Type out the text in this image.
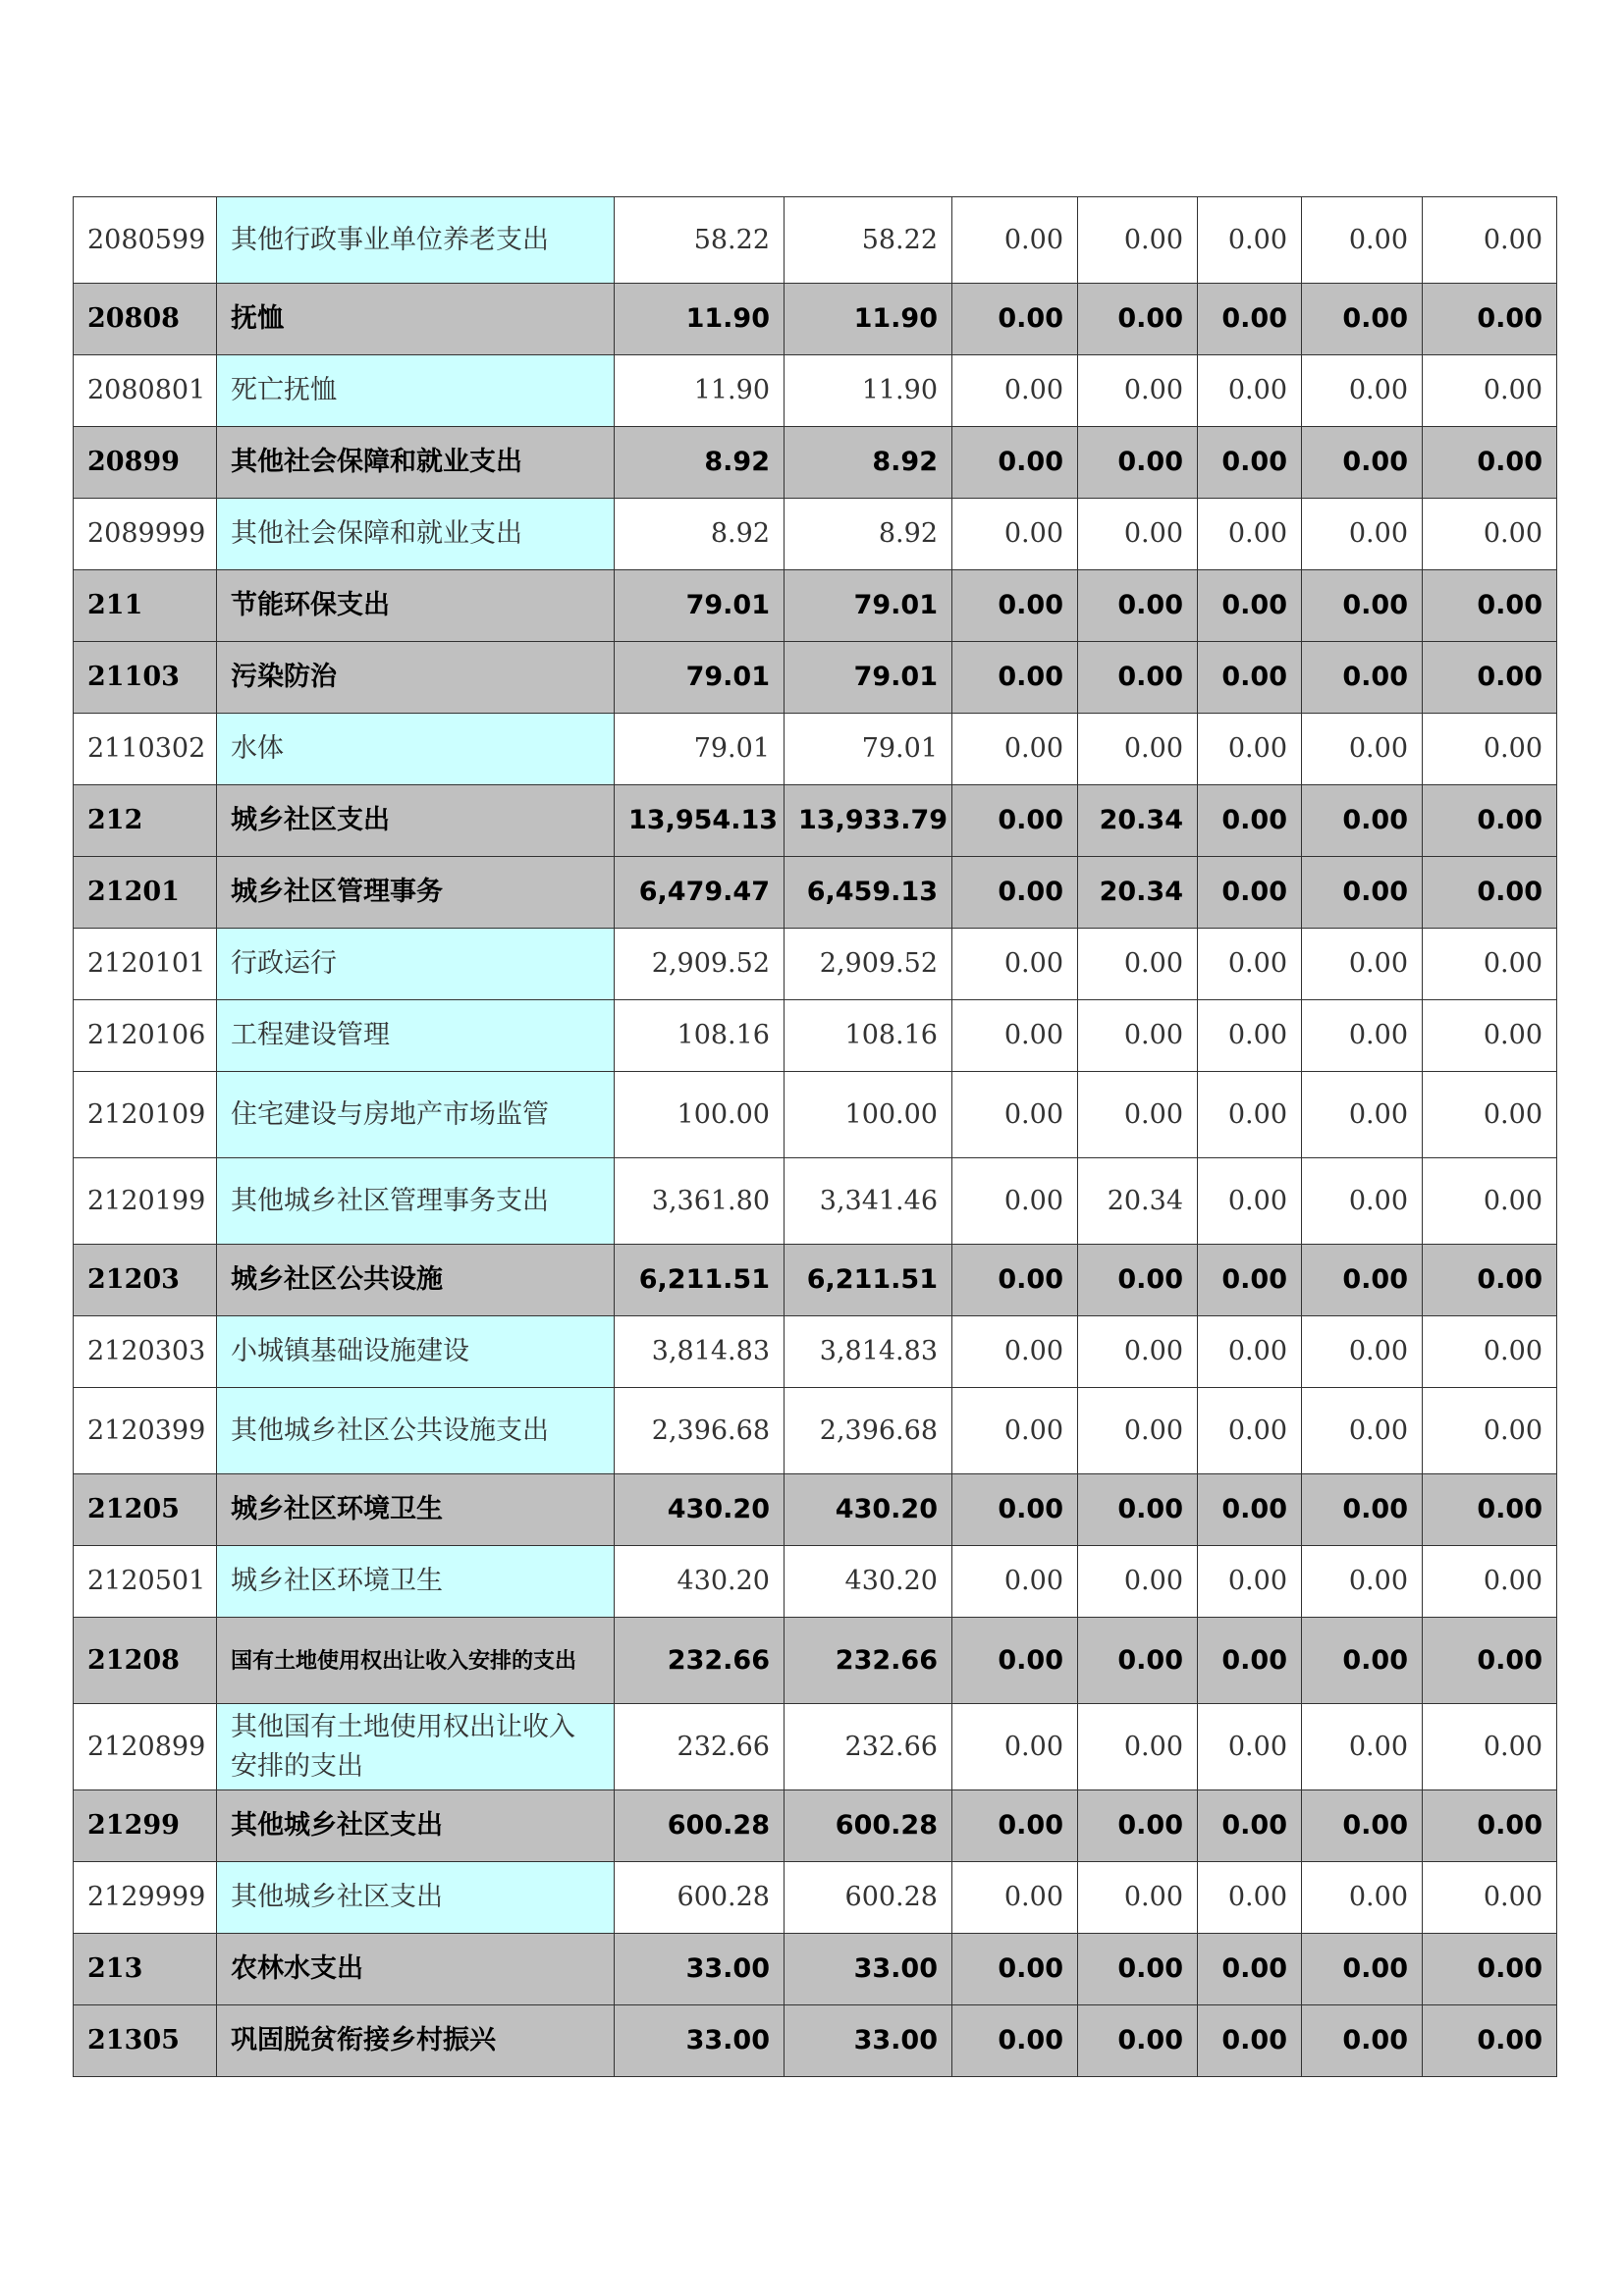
2080599	其他行政事业单位养老支出	58.22	58.22	0.00	0.00	0.00	0.00	0.00
20808	抚恤	11.90	11.90	0.00	0.00	0.00	0.00	0.00
2080801	死亡抚恤	11.90	11.90	0.00	0.00	0.00	0.00	0.00
20899	其他社会保障和就业支出	8.92	8.92	0.00	0.00	0.00	0.00	0.00
2089999	其他社会保障和就业支出	8.92	8.92	0.00	0.00	0.00	0.00	0.00
211	节能环保支出	79.01	79.01	0.00	0.00	0.00	0.00	0.00
21103	污染防治	79.01	79.01	0.00	0.00	0.00	0.00	0.00
2110302	水体	79.01	79.01	0.00	0.00	0.00	0.00	0.00
212	城乡社区支出	13,954.13	13,933.79	0.00	20.34	0.00	0.00	0.00
21201	城乡社区管理事务	6,479.47	6,459.13	0.00	20.34	0.00	0.00	0.00
2120101	行政运行	2,909.52	2,909.52	0.00	0.00	0.00	0.00	0.00
2120106	工程建设管理	108.16	108.16	0.00	0.00	0.00	0.00	0.00
2120109	住宅建设与房地产市场监管	100.00	100.00	0.00	0.00	0.00	0.00	0.00
2120199	其他城乡社区管理事务支出	3,361.80	3,341.46	0.00	20.34	0.00	0.00	0.00
21203	城乡社区公共设施	6,211.51	6,211.51	0.00	0.00	0.00	0.00	0.00
2120303	小城镇基础设施建设	3,814.83	3,814.83	0.00	0.00	0.00	0.00	0.00
2120399	其他城乡社区公共设施支出	2,396.68	2,396.68	0.00	0.00	0.00	0.00	0.00
21205	城乡社区环境卫生	430.20	430.20	0.00	0.00	0.00	0.00	0.00
2120501	城乡社区环境卫生	430.20	430.20	0.00	0.00	0.00	0.00	0.00
21208	国有土地使用权出让收入安排的支出	232.66	232.66	0.00	0.00	0.00	0.00	0.00
2120899	其他国有土地使用权出让收入安排的支出	232.66	232.66	0.00	0.00	0.00	0.00	0.00
21299	其他城乡社区支出	600.28	600.28	0.00	0.00	0.00	0.00	0.00
2129999	其他城乡社区支出	600.28	600.28	0.00	0.00	0.00	0.00	0.00
213	农林水支出	33.00	33.00	0.00	0.00	0.00	0.00	0.00
21305	巩固脱贫衔接乡村振兴	33.00	33.00	0.00	0.00	0.00	0.00	0.00
